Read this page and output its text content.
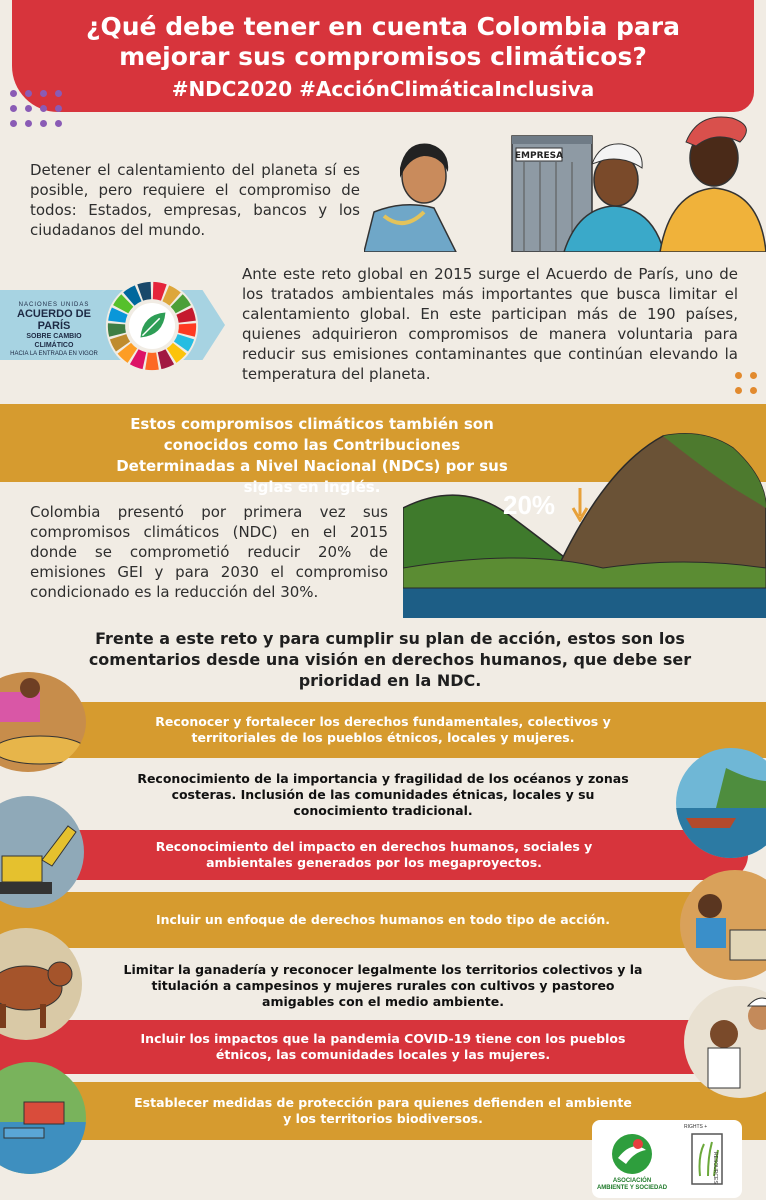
¿Qué debe tener en cuenta Colombia para
mejorar sus compromisos climáticos?
#NDC2020 #AcciónClimáticaInclusiva
Detener el calentamiento del planeta sí es posible, pero requiere el compromiso de todos: Estados, empresas, bancos y los ciudadanos del mundo.
EMPRESA
NACIONES UNIDAS
ACUERDO DE PARÍS
SOBRE CAMBIO CLIMÁTICO
HACIA LA ENTRADA EN VIGOR
Ante este reto global en 2015 surge el Acuerdo de París, uno de los tratados ambientales más importantes que busca limitar el calentamiento global. En este participan más de 190 países, quienes adquirieron compromisos de manera voluntaria para reducir sus emisiones contaminantes que continúan elevando la temperatura del planeta.
Estos compromisos climáticos también son conocidos como las Contribuciones Determinadas a Nivel Nacional (NDCs) por sus siglas en inglés.
20%
Colombia presentó por primera vez sus compromisos climáticos (NDC) en el 2015 donde se comprometió reducir 20% de emisiones GEI y para 2030 el compromiso condicionado es la reducción del 30%.
Frente a este reto y para cumplir su plan de acción, estos son los comentarios desde una visión en derechos humanos, que debe ser prioridad en la NDC.
Reconocer y fortalecer los derechos fundamentales, colectivos y territoriales de los pueblos étnicos, locales y mujeres.
Reconocimiento de la importancia y fragilidad de los océanos y zonas costeras. Inclusión de las comunidades étnicas, locales y su conocimiento tradicional.
Reconocimiento del impacto en derechos humanos, sociales y ambientales generados por los megaproyectos.
Incluir un enfoque de derechos humanos en todo tipo de acción.
Limitar la ganadería y reconocer legalmente los territorios colectivos y la titulación a campesinos y mujeres rurales con cultivos y pastoreo amigables con el medio ambiente.
Incluir los impactos que la pandemia COVID-19 tiene con los pueblos étnicos, las comunidades locales y las mujeres.
Establecer medidas de protección para quienes defienden el ambiente y los territorios biodiversos.
ASOCIACIÓN
AMBIENTE Y SOCIEDAD
RIGHTS +
RESOURCES
